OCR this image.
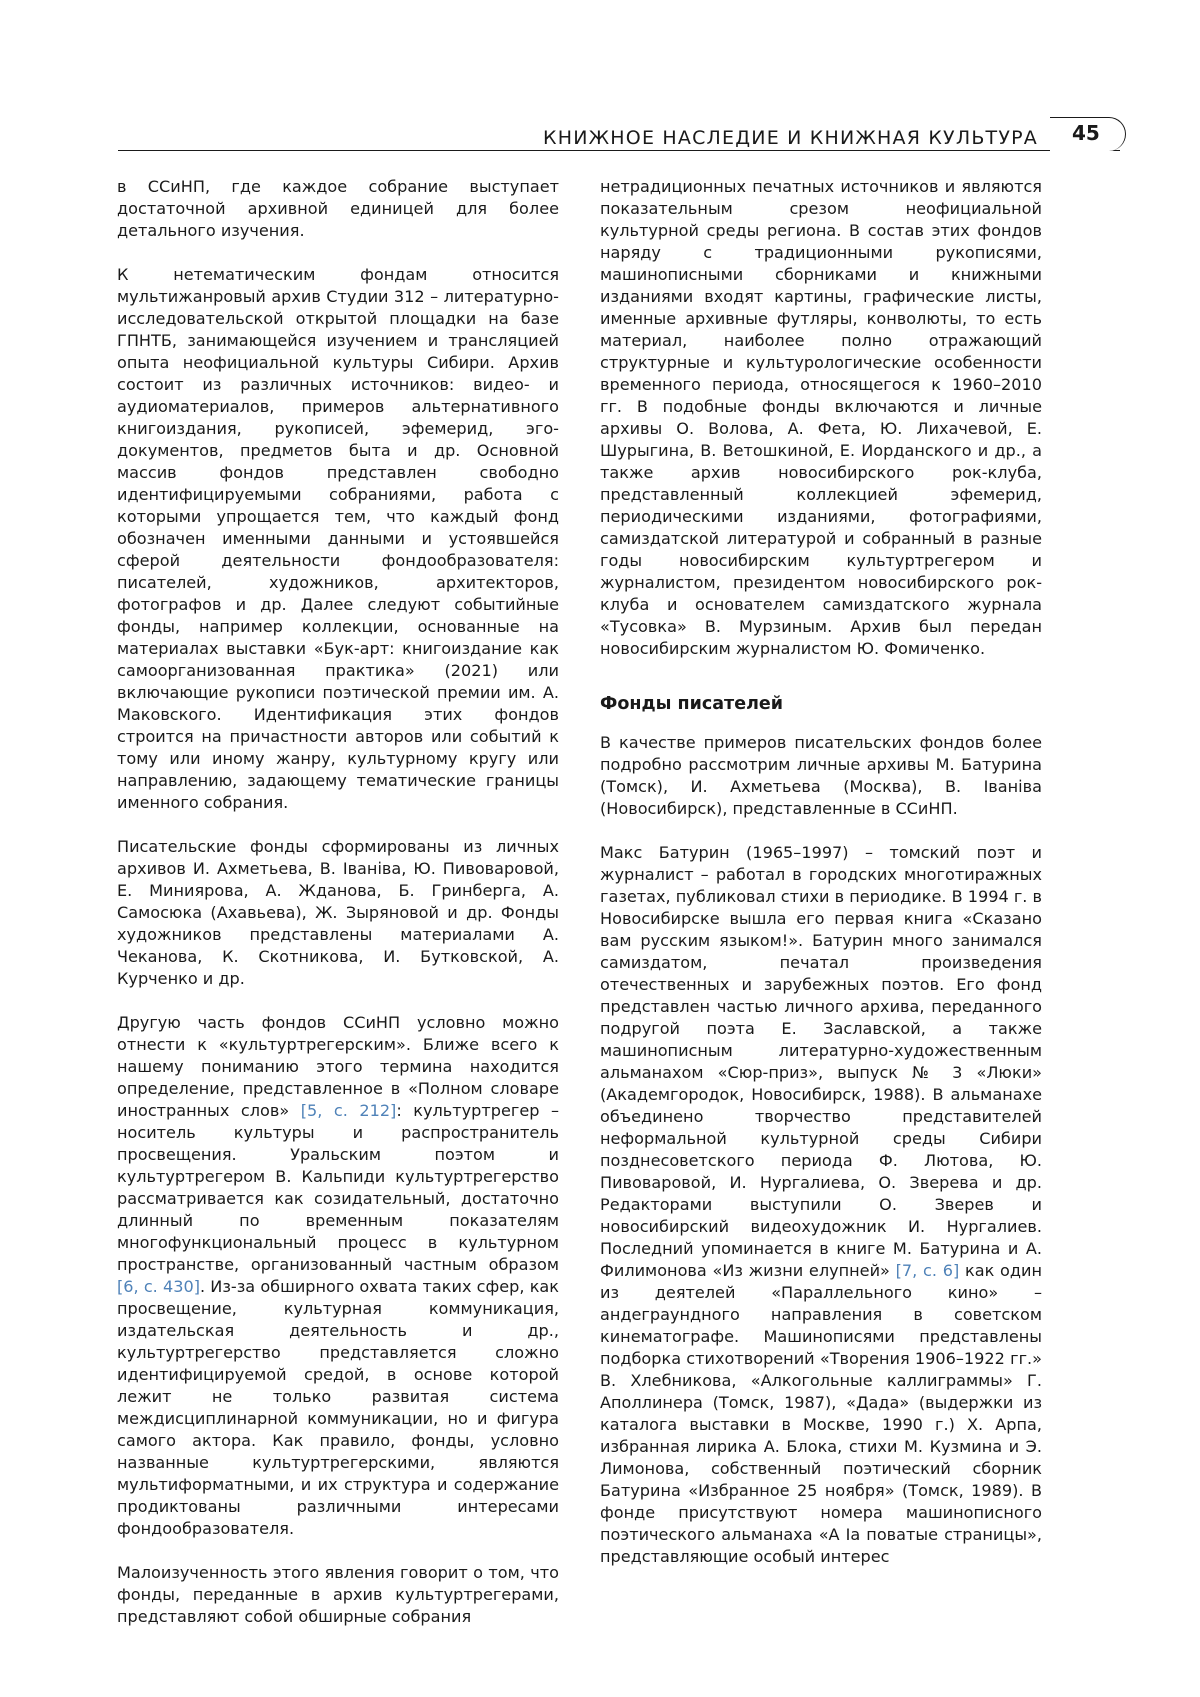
КНИЖНОЕ НАСЛЕДИЕ И КНИЖНАЯ КУЛЬТУРА	45

в ССиНП, где каждое собрание выступает достаточной архивной единицей для более детального изучения.

К нетематическим фондам относится мультижанровый архив Студии 312 – литературно-исследовательской открытой площадки на базе ГПНТБ, занимающейся изучением и трансляцией опыта неофициальной культуры Сибири. Архив состоит из различных источников: видео- и аудиоматериалов, примеров альтернативного книгоиздания, рукописей, эфемерид, эго-документов, предметов быта и др. Основной массив фондов представлен свободно идентифицируемыми собраниями, работа с которыми упрощается тем, что каждый фонд обозначен именными данными и устоявшейся сферой деятельности фондообразователя: писателей, художников, архитекторов, фотографов и др. Далее следуют событийные фонды, например коллекции, основанные на материалах выставки «Бук-арт: книгоиздание как самоорганизованная практика» (2021) или включающие рукописи поэтической премии им. А. Маковского. Идентификация этих фондов строится на причастности авторов или событий к тому или иному жанру, культурному кругу или направлению, задающему тематические границы именного собрания.

Писательские фонды сформированы из личных архивов И. Ахметьева, В. Іваніва, Ю. Пивоваровой, Е. Миниярова, А. Жданова, Б. Гринберга, А. Самосюка (Ахавьева), Ж. Зыряновой и др. Фонды художников представлены материалами А. Чеканова, К. Скотникова, И. Бутковской, А. Курченко и др.

Другую часть фондов ССиНП условно можно отнести к «культуртрегерским». Ближе всего к нашему пониманию этого термина находится определение, представленное в «Полном словаре иностранных слов» [5, с. 212]: культуртрегер – носитель культуры и распространитель просвещения. Уральским поэтом и культуртрегером В. Кальпиди культуртрегерство рассматривается как созидательный, достаточно длинный по временным показателям многофункциональный процесс в культурном пространстве, организованный частным образом [6, с. 430]. Из-за обширного охвата таких сфер, как просвещение, культурная коммуникация, издательская деятельность и др., культуртрегерство представляется сложно идентифицируемой средой, в основе которой лежит не только развитая система междисциплинарной коммуникации, но и фигура самого актора. Как правило, фонды, условно названные культуртрегерскими, являются мультиформатными, и их структура и содержание продиктованы различными интересами фондообразователя.

Малоизученность этого явления говорит о том, что фонды, переданные в архив культуртрегерами, представляют собой обширные собрания

нетрадиционных печатных источников и являются показательным срезом неофициальной культурной среды региона. В состав этих фондов наряду с традиционными рукописями, машинописными сборниками и книжными изданиями входят картины, графические листы, именные архивные футляры, конволюты, то есть материал, наиболее полно отражающий структурные и культурологические особенности временного периода, относящегося к 1960–2010 гг. В подобные фонды включаются и личные архивы О. Волова, А. Фета, Ю. Лихачевой, Е. Шурыгина, В. Ветошкиной, Е. Иорданского и др., а также архив новосибирского рок-клуба, представленный коллекцией эфемерид, периодическими изданиями, фотографиями, самиздатской литературой и собранный в разные годы новосибирским культуртрегером и журналистом, президентом новосибирского рок-клуба и основателем самиздатского журнала «Тусовка» В. Мурзиным. Архив был передан новосибирским журналистом Ю. Фомиченко.

Фонды писателей

В качестве примеров писательских фондов более подробно рассмотрим личные архивы М. Батурина (Томск), И. Ахметьева (Москва), В. Іваніва (Новосибирск), представленные в ССиНП.

Макс Батурин (1965–1997) – томский поэт и журналист – работал в городских многотиражных газетах, публиковал стихи в периодике. В 1994 г. в Новосибирске вышла его первая книга «Сказано вам русским языком!». Батурин много занимался самиздатом, печатал произведения отечественных и зарубежных поэтов. Его фонд представлен частью личного архива, переданного подругой поэта Е. Заславской, а также машинописным литературно-художественным альманахом «Сюр-приз», выпуск № 3 «Люки» (Академгородок, Новосибирск, 1988). В альманахе объединено творчество представителей неформальной культурной среды Сибири позднесоветского периода Ф. Лютова, Ю. Пивоваровой, И. Нургалиева, О. Зверева и др. Редакторами выступили О. Зверев и новосибирский видеохудожник И. Нургалиев. Последний упоминается в книге М. Батурина и А. Филимонова «Из жизни елупней» [7, с. 6] как один из деятелей «Параллельного кино» – андеграундного направления в советском кинематографе. Машинописями представлены подборка стихотворений «Творения 1906–1922 гг.» В. Хлебникова, «Алкогольные каллиграммы» Г. Аполлинера (Томск, 1987), «Дада» (выдержки из каталога выставки в Москве, 1990 г.) Х. Арпа, избранная лирика А. Блока, стихи М. Кузмина и Э. Лимонова, собственный поэтический сборник Батурина «Избранное 25 ноября» (Томск, 1989). В фонде присутствуют номера машинописного поэтического альманаха «А Іа поватые страницы», представляющие особый интерес
